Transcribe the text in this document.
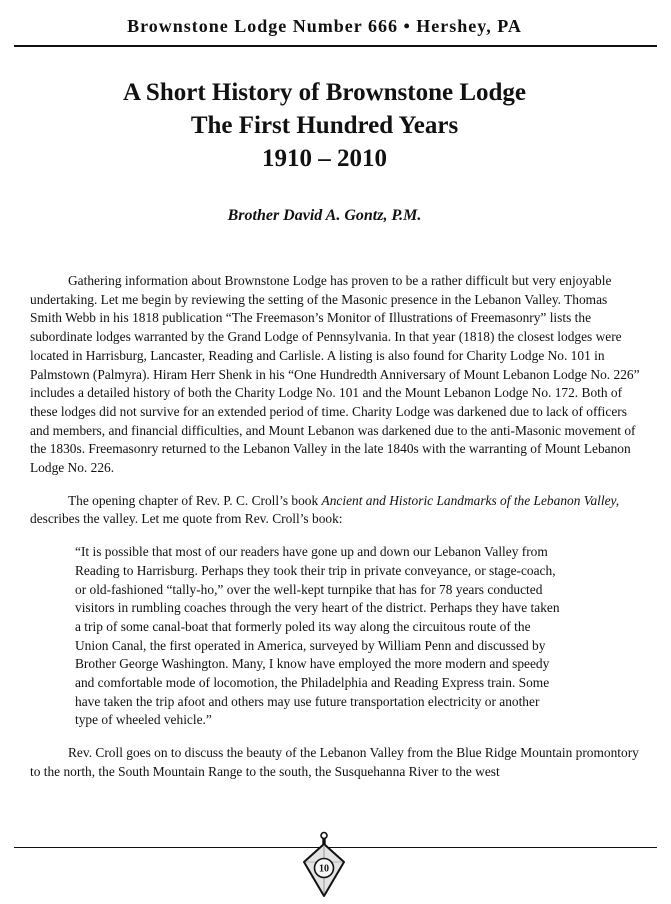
Brownstone Lodge Number 666 • Hershey, PA
A Short History of Brownstone Lodge
The First Hundred Years
1910 – 2010
Brother David A. Gontz, P.M.

Gathering information about Brownstone Lodge has proven to be a rather difficult but very enjoyable undertaking. Let me begin by reviewing the setting of the Masonic presence in the Lebanon Valley. Thomas Smith Webb in his 1818 publication “The Freemason’s Monitor of Illustrations of Freemasonry” lists the subordinate lodges warranted by the Grand Lodge of Pennsylvania. In that year (1818) the closest lodges were located in Harrisburg, Lancaster, Reading and Carlisle. A listing is also found for Charity Lodge No. 101 in Palmstown (Palmyra). Hiram Herr Shenk in his “One Hundredth Anniversary of Mount Lebanon Lodge No. 226” includes a detailed history of both the Charity Lodge No. 101 and the Mount Lebanon Lodge No. 172. Both of these lodges did not survive for an extended period of time. Charity Lodge was darkened due to lack of officers and members, and financial difficulties, and Mount Lebanon was darkened due to the anti-Masonic movement of the 1830s. Freemasonry returned to the Lebanon Valley in the late 1840s with the warranting of Mount Lebanon Lodge No. 226.

The opening chapter of Rev. P. C. Croll’s book Ancient and Historic Landmarks of the Lebanon Valley, describes the valley. Let me quote from Rev. Croll’s book:

“It is possible that most of our readers have gone up and down our Lebanon Valley from Reading to Harrisburg. Perhaps they took their trip in private conveyance, or stage-coach, or old-fashioned “tally-ho,” over the well-kept turnpike that has for 78 years conducted visitors in rumbling coaches through the very heart of the district. Perhaps they have taken a trip of some canal-boat that formerly poled its way along the circuitous route of the Union Canal, the first operated in America, surveyed by William Penn and discussed by Brother George Washington. Many, I know have employed the more modern and speedy and comfortable mode of locomotion, the Philadelphia and Reading Express train. Some have taken the trip afoot and others may use future transportation electricity or another type of wheeled vehicle.”

Rev. Croll goes on to discuss the beauty of the Lebanon Valley from the Blue Ridge Mountain promontory to the north, the South Mountain Range to the south, the Susquehanna River to the west

10
